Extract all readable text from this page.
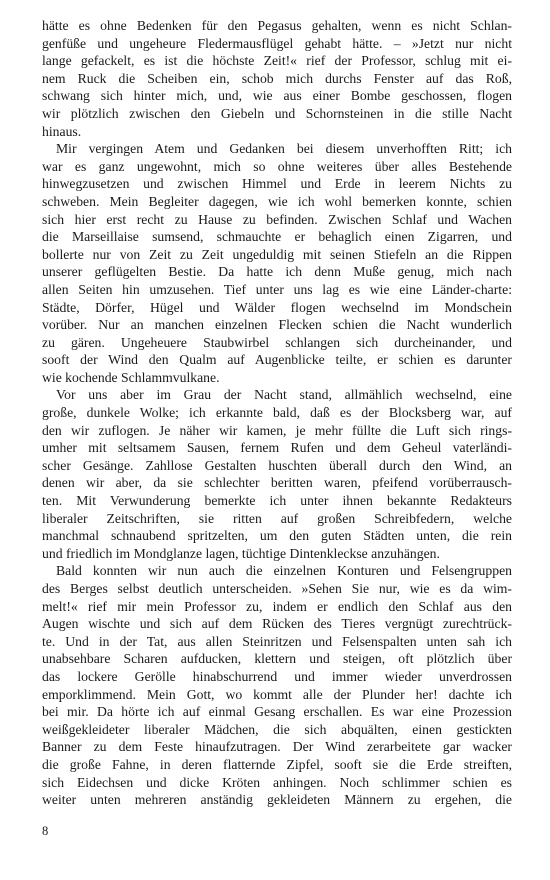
hätte es ohne Bedenken für den Pegasus gehalten, wenn es nicht Schlan-
genfüße und ungeheure Fledermausflügel gehabt hätte. – »Jetzt nur nicht
lange gefackelt, es ist die höchste Zeit!« rief der Professor, schlug mit ei-
nem Ruck die Scheiben ein, schob mich durchs Fenster auf das Roß,
schwang sich hinter mich, und, wie aus einer Bombe geschossen, flogen
wir plötzlich zwischen den Giebeln und Schornsteinen in die stille Nacht
hinaus.
Mir vergingen Atem und Gedanken bei diesem unverhofften Ritt; ich
war es ganz ungewohnt, mich so ohne weiteres über alles Bestehende
hinwegzusetzen und zwischen Himmel und Erde in leerem Nichts zu
schweben. Mein Begleiter dagegen, wie ich wohl bemerken konnte, schien
sich hier erst recht zu Hause zu befinden. Zwischen Schlaf und Wachen
die Marseillaise sumsend, schmauchte er behaglich einen Zigarren, und
bollerte nur von Zeit zu Zeit ungeduldig mit seinen Stiefeln an die Rippen
unserer geflügelten Bestie. Da hatte ich denn Muße genug, mich nach
allen Seiten hin umzusehen. Tief unter uns lag es wie eine Länder-charte:
Städte, Dörfer, Hügel und Wälder flogen wechselnd im Mondschein
vorüber. Nur an manchen einzelnen Flecken schien die Nacht wunderlich
zu gären. Ungeheuere Staubwirbel schlangen sich durcheinander, und
sooft der Wind den Qualm auf Augenblicke teilte, er schien es darunter
wie kochende Schlammvulkane.
Vor uns aber im Grau der Nacht stand, allmählich wechselnd, eine
große, dunkele Wolke; ich erkannte bald, daß es der Blocksberg war, auf
den wir zuflogen. Je näher wir kamen, je mehr füllte die Luft sich rings-
umher mit seltsamem Sausen, fernem Rufen und dem Geheul vaterländi-
scher Gesänge. Zahllose Gestalten huschten überall durch den Wind, an
denen wir aber, da sie schlechter beritten waren, pfeifend vorüberrausch-
ten. Mit Verwunderung bemerkte ich unter ihnen bekannte Redakteurs
liberaler Zeitschriften, sie ritten auf großen Schreibfedern, welche
manchmal schnaubend spritzelten, um den guten Städten unten, die rein
und friedlich im Mondglanze lagen, tüchtige Dintenkleckse anzuhängen.
Bald konnten wir nun auch die einzelnen Konturen und Felsengruppen
des Berges selbst deutlich unterscheiden. »Sehen Sie nur, wie es da wim-
melt!« rief mir mein Professor zu, indem er endlich den Schlaf aus den
Augen wischte und sich auf dem Rücken des Tieres vergnügt zurechtrück-
te. Und in der Tat, aus allen Steinritzen und Felsenspalten unten sah ich
unabsehbare Scharen aufducken, klettern und steigen, oft plötzlich über
das lockere Gerölle hinabschurrend und immer wieder unverdrossen
emporklimmend. Mein Gott, wo kommt alle der Plunder her! dachte ich
bei mir. Da hörte ich auf einmal Gesang erschallen. Es war eine Prozession
weißgekleideter liberaler Mädchen, die sich abquälten, einen gestickten
Banner zu dem Feste hinaufzutragen. Der Wind zerarbeitete gar wacker
die große Fahne, in deren flatternde Zipfel, sooft sie die Erde streiften,
sich Eidechsen und dicke Kröten anhingen. Noch schlimmer schien es
weiter unten mehreren anständig gekleideten Männern zu ergehen, die
8
